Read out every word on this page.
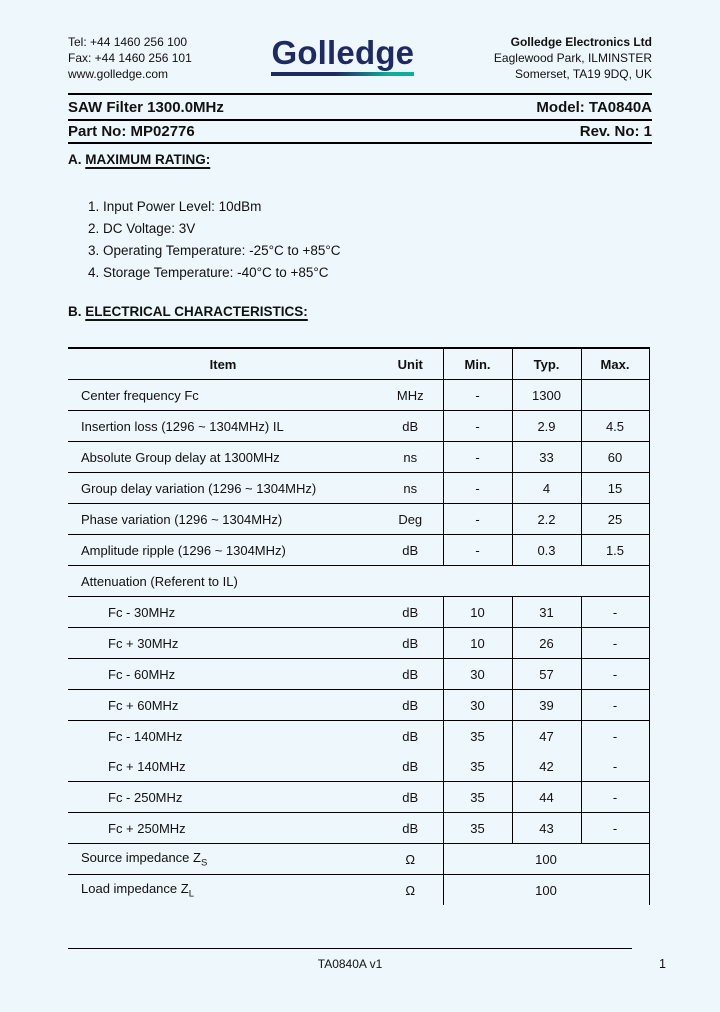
Tel: +44 1460 256 100
Fax: +44 1460 256 101
www.golledge.com
Golledge	Golledge Electronics Ltd
Eaglewood Park, ILMINSTER
Somerset, TA19 9DQ, UK
SAW Filter 1300.0MHz	Model: TA0840A
Part No: MP02776	Rev. No: 1
A. MAXIMUM RATING:
1. Input Power Level: 10dBm
2. DC Voltage: 3V
3. Operating Temperature: -25°C to +85°C
4. Storage Temperature: -40°C to +85°C
B. ELECTRICAL CHARACTERISTICS:
Item	Unit	Min.	Typ.	Max.
Center frequency Fc	MHz	-	1300	
Insertion loss (1296 ~ 1304MHz) IL	dB	-	2.9	4.5
Absolute Group delay at 1300MHz	ns	-	33	60
Group delay variation (1296 ~ 1304MHz)	ns	-	4	15
Phase variation (1296 ~ 1304MHz)	Deg	-	2.2	25
Amplitude ripple (1296 ~ 1304MHz)	dB	-	0.3	1.5
Attenuation (Referent to IL)				
Fc - 30MHz	dB	10	31	-
Fc + 30MHz	dB	10	26	-
Fc - 60MHz	dB	30	57	-
Fc + 60MHz	dB	30	39	-
Fc - 140MHz	dB	35	47	-
Fc + 140MHz	dB	35	42	-
Fc - 250MHz	dB	35	44	-
Fc + 250MHz	dB	35	43	-
Source impedance $Z_S$	Ω	100		
Load impedance $Z_L$	Ω	100		
TA0840A v1	1
